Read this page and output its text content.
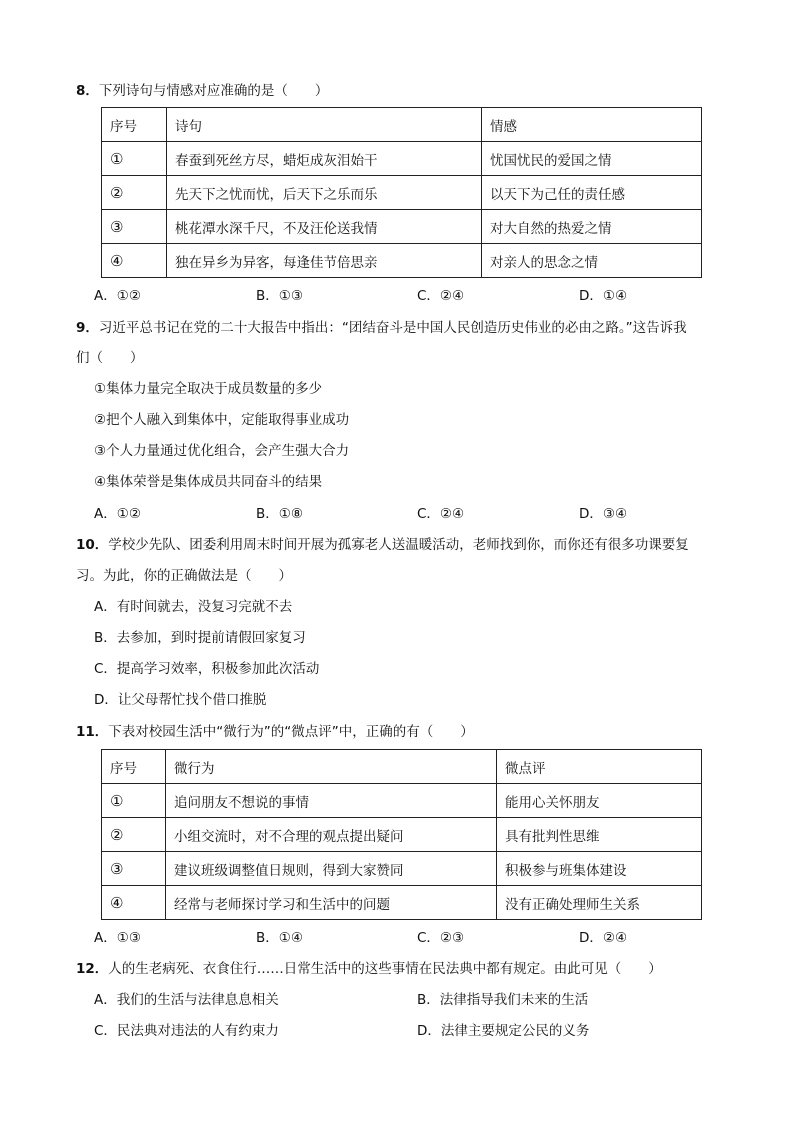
8．下列诗句与情感对应准确的是（　　）
序号	诗句	情感
①	春蚕到死丝方尽，蜡炬成灰泪始干	忧国忧民的爱国之情
②	先天下之忧而忧，后天下之乐而乐	以天下为己任的责任感
③	桃花潭水深千尺，不及汪伦送我情	对大自然的热爱之情
④	独在异乡为异客，每逢佳节倍思亲	对亲人的思念之情
A．①②	B．①③	C．②④	D．①④
9．习近平总书记在党的二十大报告中指出：“团结奋斗是中国人民创造历史伟业的必由之路。”这告诉我
们（　　）
①集体力量完全取决于成员数量的多少
②把个人融入到集体中，定能取得事业成功
③个人力量通过优化组合，会产生强大合力
④集体荣誉是集体成员共同奋斗的结果
A．①②	B．①⑧	C．②④	D．③④
10．学校少先队、团委利用周末时间开展为孤寡老人送温暖活动，老师找到你，而你还有很多功课要复
习。为此，你的正确做法是（　　）
A．有时间就去，没复习完就不去
B．去参加，到时提前请假回家复习
C．提高学习效率，积极参加此次活动
D．让父母帮忙找个借口推脱
11．下表对校园生活中“微行为”的“微点评”中，正确的有（　　）
序号	微行为	微点评
①	追问朋友不想说的事情	能用心关怀朋友
②	小组交流时，对不合理的观点提出疑问	具有批判性思维
③	建议班级调整值日规则，得到大家赞同	积极参与班集体建设
④	经常与老师探讨学习和生活中的问题	没有正确处理师生关系
A．①③	B．①④	C．②③	D．②④
12．人的生老病死、衣食住行……日常生活中的这些事情在民法典中都有规定。由此可见（　　）
A．我们的生活与法律息息相关	B．法律指导我们未来的生活
C．民法典对违法的人有约束力	D．法律主要规定公民的义务
